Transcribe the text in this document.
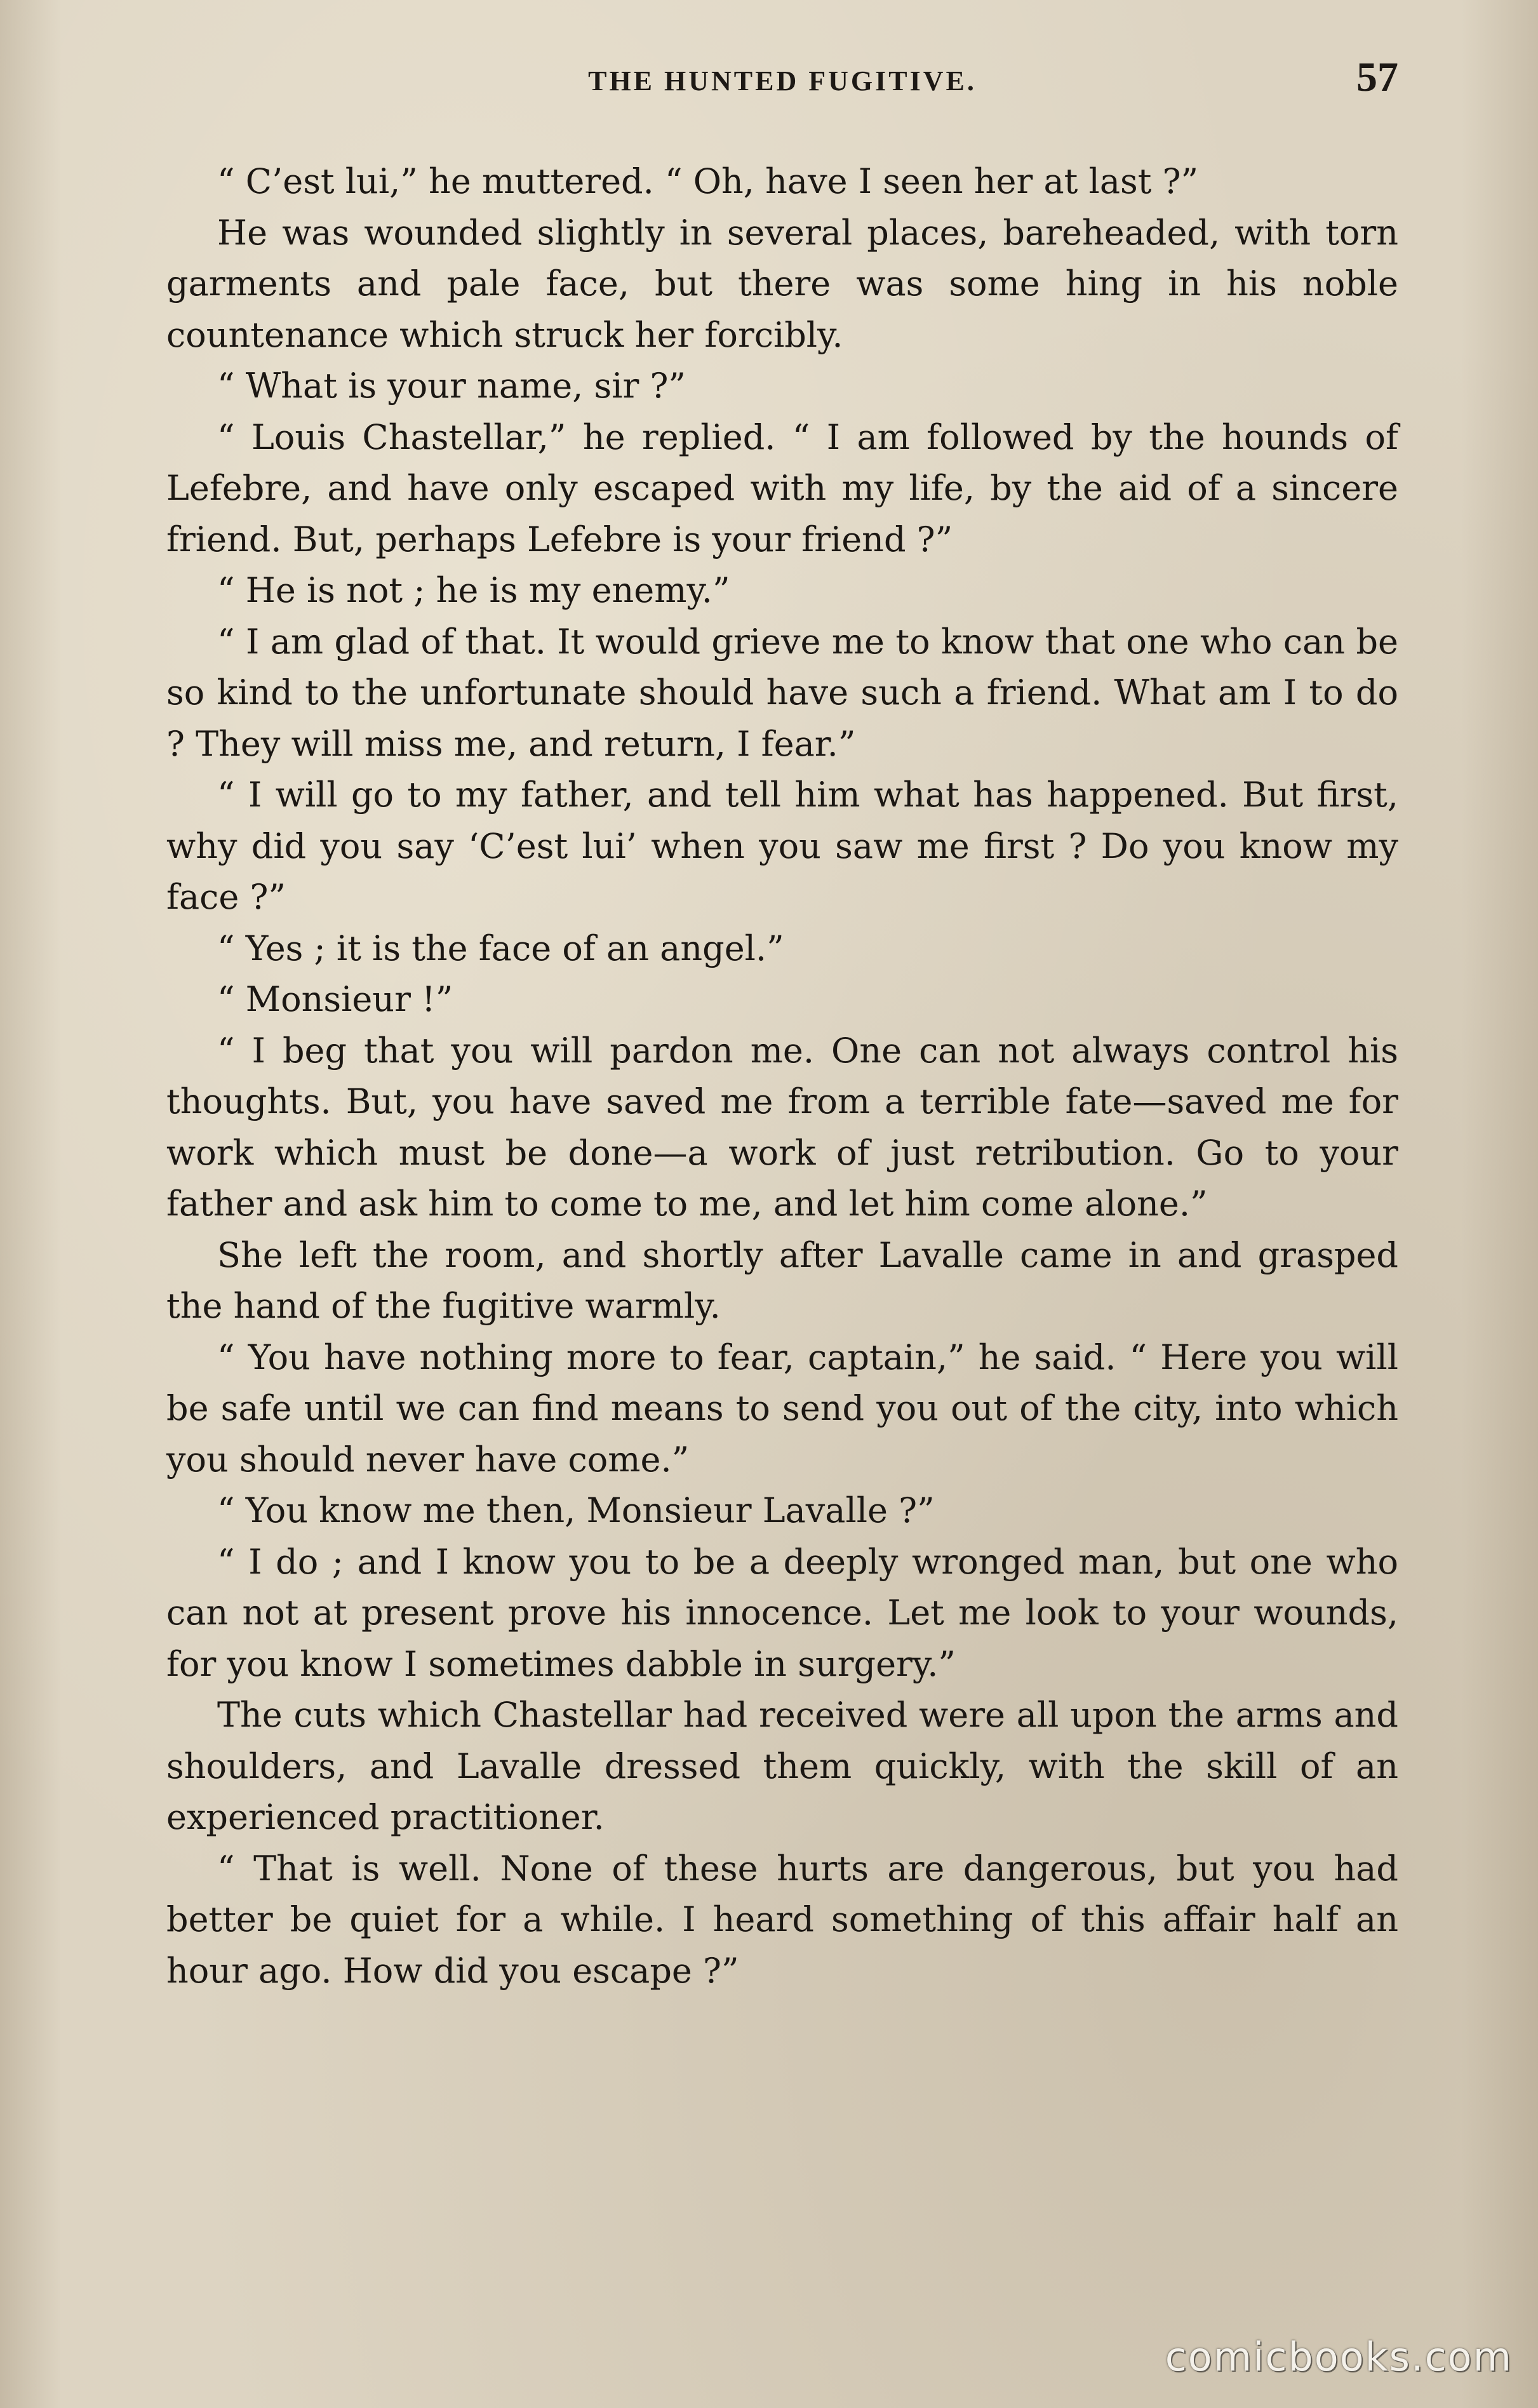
THE HUNTED FUGITIVE.	57

“ C’est lui,” he muttered. “ Oh, have I seen her at last ?”

He was wounded slightly in several places, bareheaded, with torn garments and pale face, but there was some hing in his noble countenance which struck her forcibly.

“ What is your name, sir ?”

“ Louis Chastellar,” he replied. “ I am followed by the hounds of Lefebre, and have only escaped with my life, by the aid of a sincere friend. But, perhaps Lefebre is your friend ?”

“ He is not ; he is my enemy.”

“ I am glad of that. It would grieve me to know that one who can be so kind to the unfortunate should have such a friend. What am I to do ? They will miss me, and return, I fear.”

“ I will go to my father, and tell him what has happened. But first, why did you say ‘C’est lui’ when you saw me first ? Do you know my face ?”

“ Yes ; it is the face of an angel.”

“ Monsieur !”

“ I beg that you will pardon me. One can not always control his thoughts. But, you have saved me from a terrible fate—saved me for work which must be done—a work of just retribution. Go to your father and ask him to come to me, and let him come alone.”

She left the room, and shortly after Lavalle came in and grasped the hand of the fugitive warmly.

“ You have nothing more to fear, captain,” he said. “ Here you will be safe until we can find means to send you out of the city, into which you should never have come.”

“ You know me then, Monsieur Lavalle ?”

“ I do ; and I know you to be a deeply wronged man, but one who can not at present prove his innocence. Let me look to your wounds, for you know I sometimes dabble in surgery.”

The cuts which Chastellar had received were all upon the arms and shoulders, and Lavalle dressed them quickly, with the skill of an experienced practitioner.

“ That is well. None of these hurts are dangerous, but you had better be quiet for a while. I heard something of this affair half an hour ago. How did you escape ?”

comicbooks.com
